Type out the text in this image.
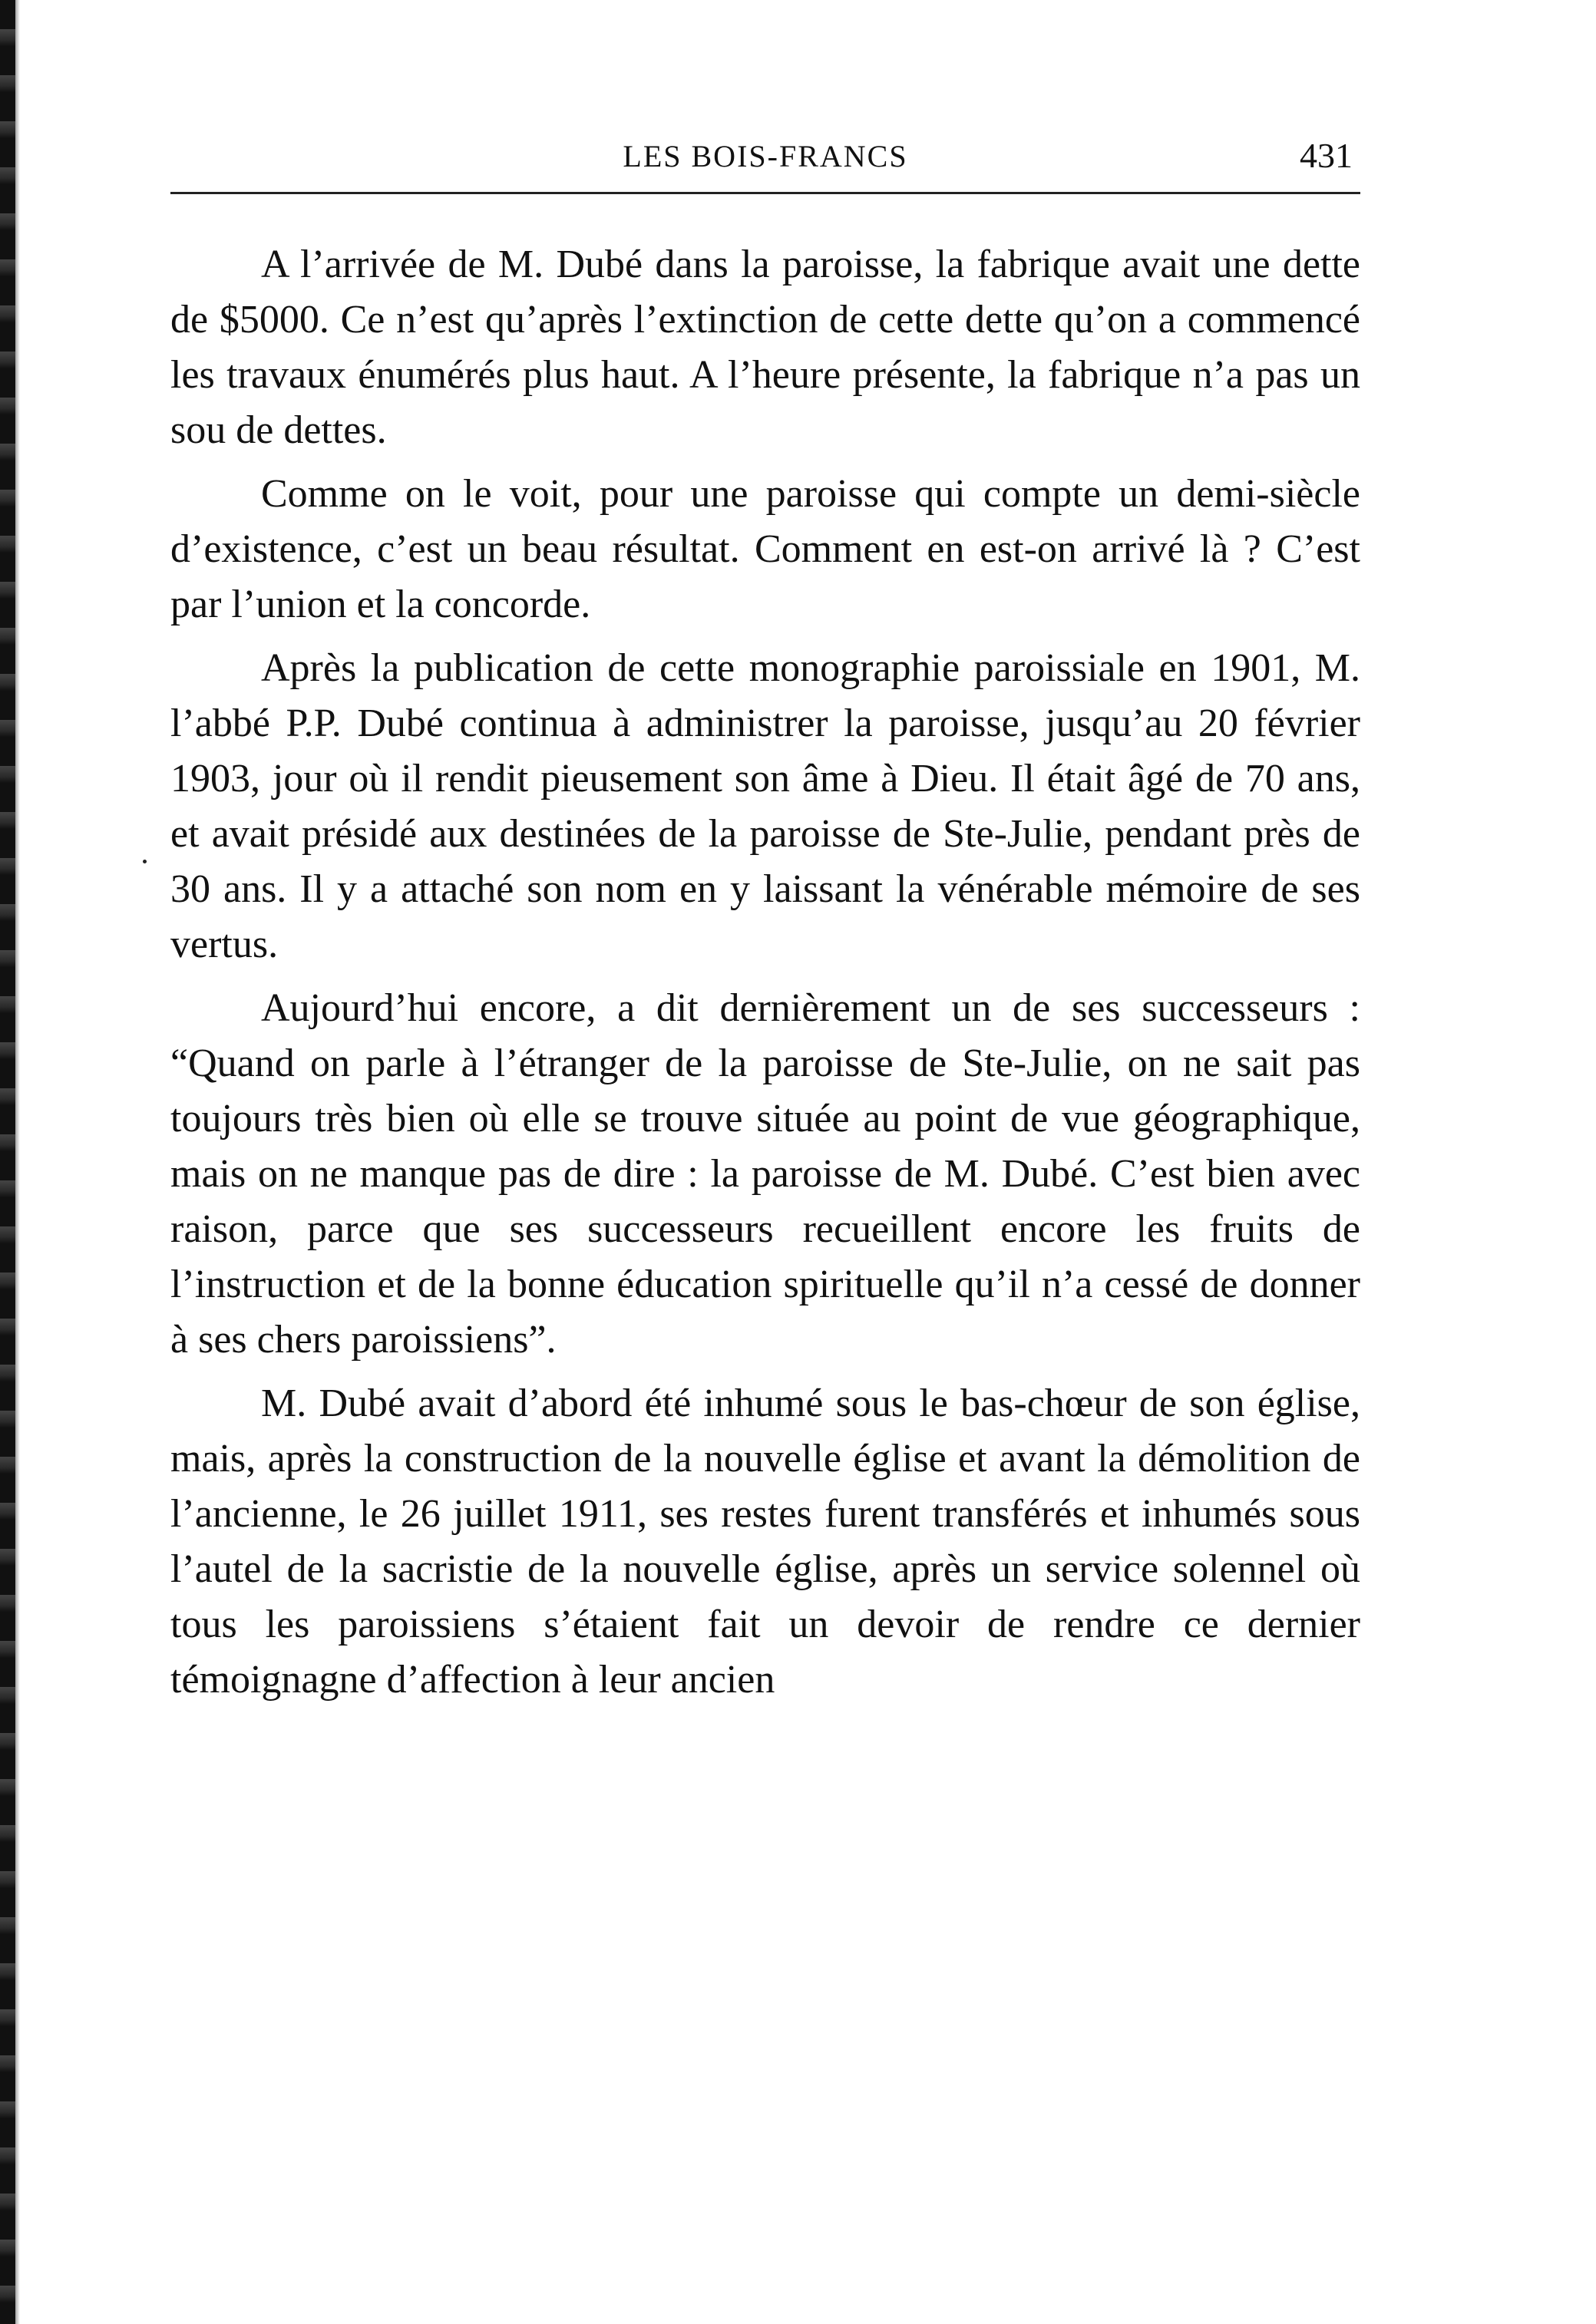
LES BOIS-FRANCS	431

A l’arrivée de M. Dubé dans la paroisse, la fabrique avait une dette de $5000. Ce n’est qu’après l’extinction de cette dette qu’on a commencé les travaux énumérés plus haut. A l’heure présente, la fabrique n’a pas un sou de dettes.

Comme on le voit, pour une paroisse qui compte un demi-siècle d’existence, c’est un beau résultat. Comment en est-on arrivé là ? C’est par l’union et la concorde.

Après la publication de cette monographie paroissiale en 1901, M. l’abbé P.P. Dubé continua à administrer la paroisse, jusqu’au 20 février 1903, jour où il rendit pieusement son âme à Dieu. Il était âgé de 70 ans, et avait présidé aux destinées de la paroisse de Ste-Julie, pendant près de 30 ans. Il y a attaché son nom en y laissant la vénérable mémoire de ses vertus.

Aujourd’hui encore, a dit dernièrement un de ses successeurs : “Quand on parle à l’étranger de la paroisse de Ste-Julie, on ne sait pas toujours très bien où elle se trouve située au point de vue géographique, mais on ne manque pas de dire : la paroisse de M. Dubé. C’est bien avec raison, parce que ses successeurs recueillent encore les fruits de l’instruction et de la bonne éducation spirituelle qu’il n’a cessé de donner à ses chers paroissiens”.

M. Dubé avait d’abord été inhumé sous le bas-chœur de son église, mais, après la construction de la nouvelle église et avant la démolition de l’ancienne, le 26 juillet 1911, ses restes furent transférés et inhumés sous l’autel de la sacristie de la nouvelle église, après un service solennel où tous les paroissiens s’étaient fait un devoir de rendre ce dernier témoignagne d’affection à leur ancien
